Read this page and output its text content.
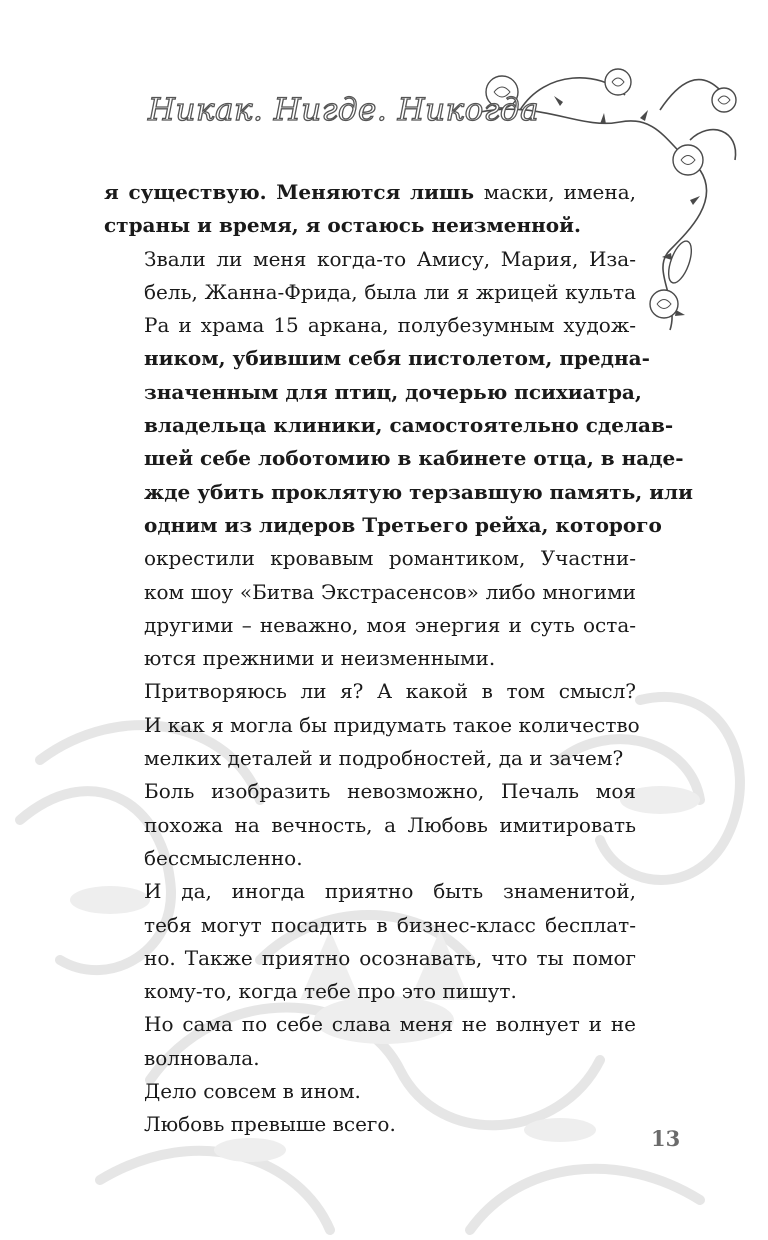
Никак. Нигде. Никогда

я существую. Меняются лишь маски, имена,
страны и время, я остаюсь неизменной.

Звали ли меня когда-то Амису, Мария, Иза-
бель, Жанна-Фрида, была ли я жрицей культа
Ра и храма 15 аркана, полубезумным худож-
ником, убившим себя пистолетом, предна-
значенным для птиц, дочерью психиатра,
владельца клиники, самостоятельно сделав-
шей себе лоботомию в кабинете отца, в наде-
жде убить проклятую терзавшую память, или
одним из лидеров Третьего рейха, которого
окрестили кровавым романтиком, Участни-
ком шоу «Битва Экстрасенсов» либо многими
другими – неважно, моя энергия и суть оста-
ются прежними и неизменными.

Притворяюсь ли я? А какой в том смысл?
И как я могла бы придумать такое количество
мелких деталей и подробностей, да и зачем?

Боль изобразить невозможно, Печаль моя
похожа на вечность, а Любовь имитировать
бессмысленно.

И да, иногда приятно быть знаменитой,
тебя могут посадить в бизнес-класс бесплат-
но. Также приятно осознавать, что ты помог
кому-то, когда тебе про это пишут.

Но сама по себе слава меня не волнует и не
волновала.

Дело совсем в ином.

Любовь превыше всего.

13
